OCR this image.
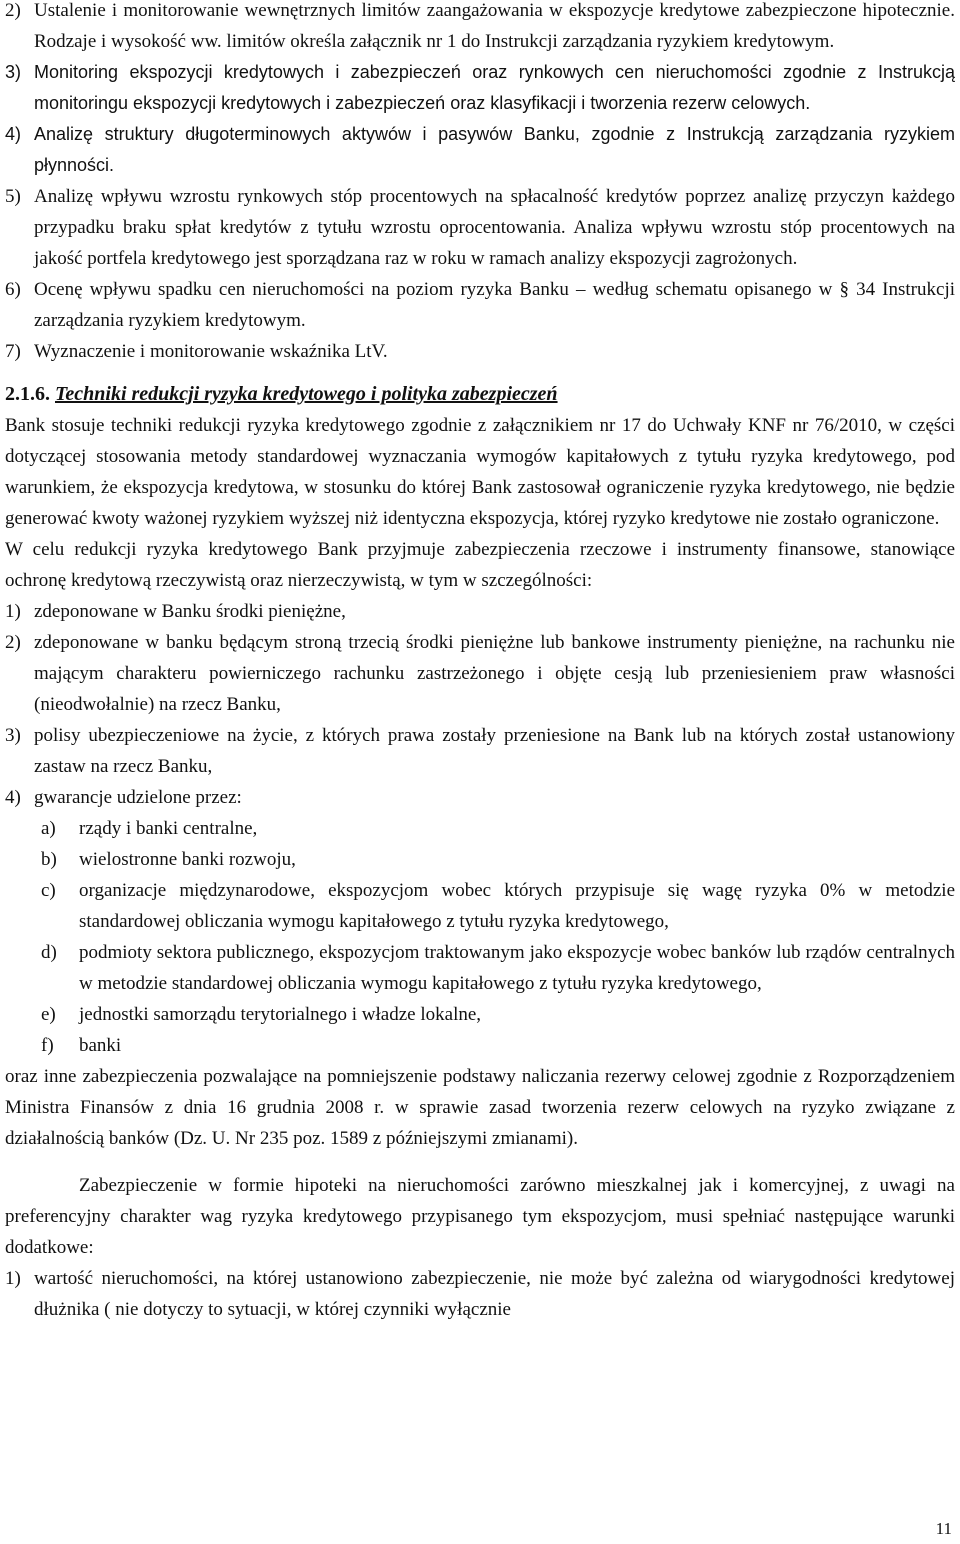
2) Ustalenie i monitorowanie wewnętrznych limitów zaangażowania w ekspozycje kredytowe zabezpieczone hipotecznie. Rodzaje i wysokość ww. limitów określa załącznik nr 1 do Instrukcji zarządzania ryzykiem kredytowym.
3) Monitoring ekspozycji kredytowych i zabezpieczeń oraz rynkowych cen nieruchomości zgodnie z Instrukcją monitoringu ekspozycji kredytowych i zabezpieczeń oraz klasyfikacji i tworzenia rezerw celowych.
4) Analizę struktury długoterminowych aktywów i pasywów Banku, zgodnie z Instrukcją zarządzania ryzykiem płynności.
5) Analizę wpływu wzrostu rynkowych stóp procentowych na spłacalność kredytów poprzez analizę przyczyn każdego przypadku braku spłat kredytów z tytułu wzrostu oprocentowania. Analiza wpływu wzrostu stóp procentowych na jakość portfela kredytowego jest sporządzana raz w roku w ramach analizy ekspozycji zagrożonych.
6) Ocenę wpływu spadku cen nieruchomości na poziom ryzyka Banku – według schematu opisanego w § 34 Instrukcji zarządzania ryzykiem kredytowym.
7) Wyznaczenie i monitorowanie wskaźnika LtV.
2.1.6. Techniki redukcji ryzyka kredytowego i polityka zabezpieczeń
Bank stosuje techniki redukcji ryzyka kredytowego zgodnie z załącznikiem nr 17 do Uchwały KNF nr 76/2010, w części dotyczącej stosowania metody standardowej wyznaczania wymogów kapitałowych z tytułu ryzyka kredytowego, pod warunkiem, że ekspozycja kredytowa, w stosunku do której Bank zastosował ograniczenie ryzyka kredytowego, nie będzie generować kwoty ważonej ryzykiem wyższej niż identyczna ekspozycja, której ryzyko kredytowe nie zostało ograniczone.
W celu redukcji ryzyka kredytowego Bank przyjmuje zabezpieczenia rzeczowe i instrumenty finansowe, stanowiące ochronę kredytową rzeczywistą oraz nierzeczywistą, w tym w szczególności:
1) zdeponowane w Banku środki pieniężne,
2) zdeponowane w banku będącym stroną trzecią środki pieniężne lub bankowe instrumenty pieniężne, na rachunku nie mającym charakteru powierniczego rachunku zastrzeżonego i objęte cesją lub przeniesieniem praw własności (nieodwołalnie) na rzecz Banku,
3) polisy ubezpieczeniowe na życie, z których prawa zostały przeniesione na Bank lub na których został ustanowiony zastaw na rzecz Banku,
4) gwarancje udzielone przez:
a) rządy i banki centralne,
b) wielostronne banki rozwoju,
c) organizacje międzynarodowe, ekspozycjom wobec których przypisuje się wagę ryzyka 0% w metodzie standardowej obliczania wymogu kapitałowego z tytułu ryzyka kredytowego,
d) podmioty sektora publicznego, ekspozycjom traktowanym jako ekspozycje wobec banków lub rządów centralnych w metodzie standardowej obliczania wymogu kapitałowego z tytułu ryzyka kredytowego,
e) jednostki samorządu terytorialnego i władze lokalne,
f) banki
oraz inne zabezpieczenia pozwalające na pomniejszenie podstawy naliczania rezerwy celowej zgodnie z Rozporządzeniem Ministra Finansów z dnia 16 grudnia 2008 r. w sprawie zasad tworzenia rezerw celowych na ryzyko związane z działalnością banków (Dz. U. Nr 235 poz. 1589 z późniejszymi zmianami).
Zabezpieczenie w formie hipoteki na nieruchomości zarówno mieszkalnej jak i komercyjnej, z uwagi na preferencyjny charakter wag ryzyka kredytowego przypisanego tym ekspozycjom, musi spełniać następujące warunki dodatkowe:
1) wartość nieruchomości, na której ustanowiono zabezpieczenie, nie może być zależna od wiarygodności kredytowej dłużnika ( nie dotyczy to sytuacji, w której czynniki wyłącznie
11
